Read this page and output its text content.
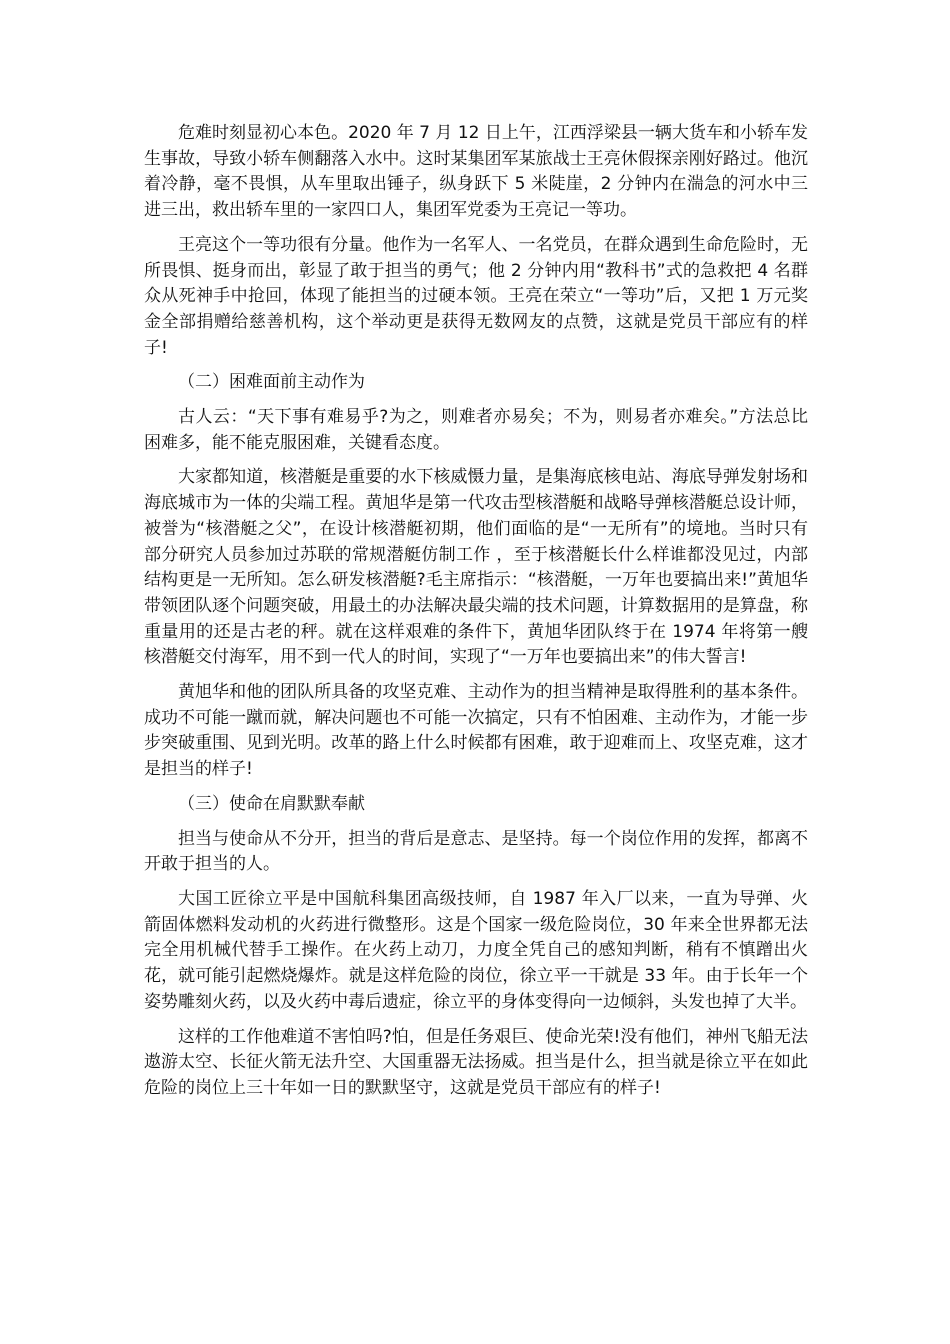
危难时刻显初心本色。2020 年 7 月 12 日上午，江西浮梁县一辆大货车和小轿车发生事故，导致小轿车侧翻落入水中。这时某集团军某旅战士王亮休假探亲刚好路过。他沉着冷静，毫不畏惧，从车里取出锤子，纵身跃下 5 米陡崖，2 分钟内在湍急的河水中三进三出，救出轿车里的一家四口人，集团军党委为王亮记一等功。

王亮这个一等功很有分量。他作为一名军人、一名党员，在群众遇到生命危险时，无所畏惧、挺身而出，彰显了敢于担当的勇气；他 2 分钟内用“教科书”式的急救把 4 名群众从死神手中抢回，体现了能担当的过硬本领。王亮在荣立“一等功”后，又把 1 万元奖金全部捐赠给慈善机构，这个举动更是获得无数网友的点赞，这就是党员干部应有的样子!

（二）困难面前主动作为

古人云：“天下事有难易乎?为之，则难者亦易矣；不为，则易者亦难矣。”方法总比困难多，能不能克服困难，关键看态度。

大家都知道，核潜艇是重要的水下核威慑力量，是集海底核电站、海底导弹发射场和海底城市为一体的尖端工程。黄旭华是第一代攻击型核潜艇和战略导弹核潜艇总设计师，被誉为“核潜艇之父”，在设计核潜艇初期，他们面临的是“一无所有”的境地。当时只有部分研究人员参加过苏联的常规潜艇仿制工作 ，至于核潜艇长什么样谁都没见过，内部结构更是一无所知。怎么研发核潜艇?毛主席指示：“核潜艇，一万年也要搞出来!”黄旭华带领团队逐个问题突破，用最土的办法解决最尖端的技术问题，计算数据用的是算盘，称重量用的还是古老的秤。就在这样艰难的条件下，黄旭华团队终于在 1974 年将第一艘核潜艇交付海军，用不到一代人的时间，实现了“一万年也要搞出来”的伟大誓言!

黄旭华和他的团队所具备的攻坚克难、主动作为的担当精神是取得胜利的基本条件。成功不可能一蹴而就，解决问题也不可能一次搞定，只有不怕困难、主动作为，才能一步步突破重围、见到光明。改革的路上什么时候都有困难，敢于迎难而上、攻坚克难，这才是担当的样子!

（三）使命在肩默默奉献

担当与使命从不分开，担当的背后是意志、是坚持。每一个岗位作用的发挥，都离不开敢于担当的人。

大国工匠徐立平是中国航科集团高级技师，自 1987 年入厂以来，一直为导弹、火箭固体燃料发动机的火药进行微整形。这是个国家一级危险岗位，30 年来全世界都无法完全用机械代替手工操作。在火药上动刀，力度全凭自己的感知判断，稍有不慎蹭出火花，就可能引起燃烧爆炸。就是这样危险的岗位，徐立平一干就是 33 年。由于长年一个姿势雕刻火药，以及火药中毒后遗症，徐立平的身体变得向一边倾斜，头发也掉了大半。

这样的工作他难道不害怕吗?怕，但是任务艰巨、使命光荣!没有他们，神州飞船无法遨游太空、长征火箭无法升空、大国重器无法扬威。担当是什么，担当就是徐立平在如此危险的岗位上三十年如一日的默默坚守，这就是党员干部应有的样子!
